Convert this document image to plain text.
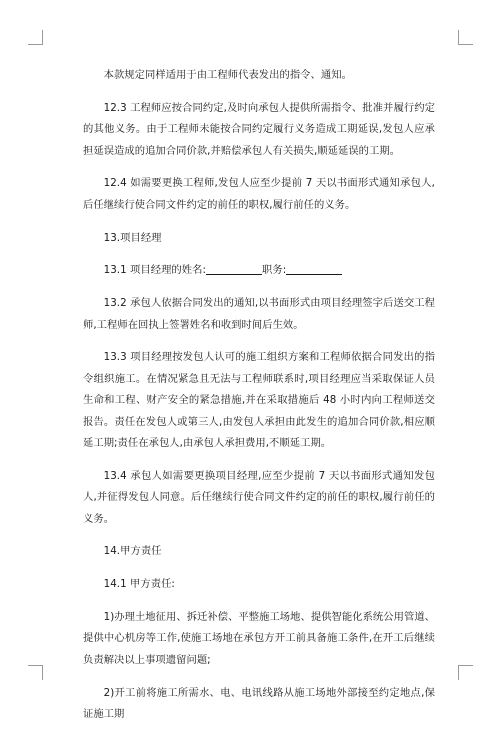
本款规定同样适用于由工程师代表发出的指令、通知。

12.3 工程师应按合同约定,及时向承包人提供所需指令、批准并履行约定的其他义务。由于工程师未能按合同约定履行义务造成工期延误,发包人应承担延误造成的追加合同价款,并赔偿承包人有关损失,顺延延误的工期。

12.4 如需要更换工程师,发包人应至少提前 7 天以书面形式通知承包人,后任继续行使合同文件约定的前任的职权,履行前任的义务。

13.项目经理

13.1 项目经理的姓名:	职务:

13.2 承包人依据合同发出的通知,以书面形式由项目经理签字后送交工程师,工程师在回执上签署姓名和收到时间后生效。

13.3 项目经理按发包人认可的施工组织方案和工程师依据合同发出的指令组织施工。在情况紧急且无法与工程师联系时,项目经理应当采取保证人员生命和工程、财产安全的紧急措施,并在采取措施后 48 小时内向工程师送交报告。责任在发包人或第三人,由发包人承担由此发生的追加合同价款,相应顺延工期;责任在承包人,由承包人承担费用,不顺延工期。

13.4 承包人如需要更换项目经理,应至少提前 7 天以书面形式通知发包人,并征得发包人同意。后任继续行使合同文件约定的前任的职权,履行前任的义务。

14.甲方责任

14.1 甲方责任:

1)办理土地征用、拆迁补偿、平整施工场地、提供智能化系统公用管道、提供中心机房等工作,使施工场地在承包方开工前具备施工条件,在开工后继续负责解决以上事项遗留问题;

2)开工前将施工所需水、电、电讯线路从施工场地外部接至约定地点,保证施工期
